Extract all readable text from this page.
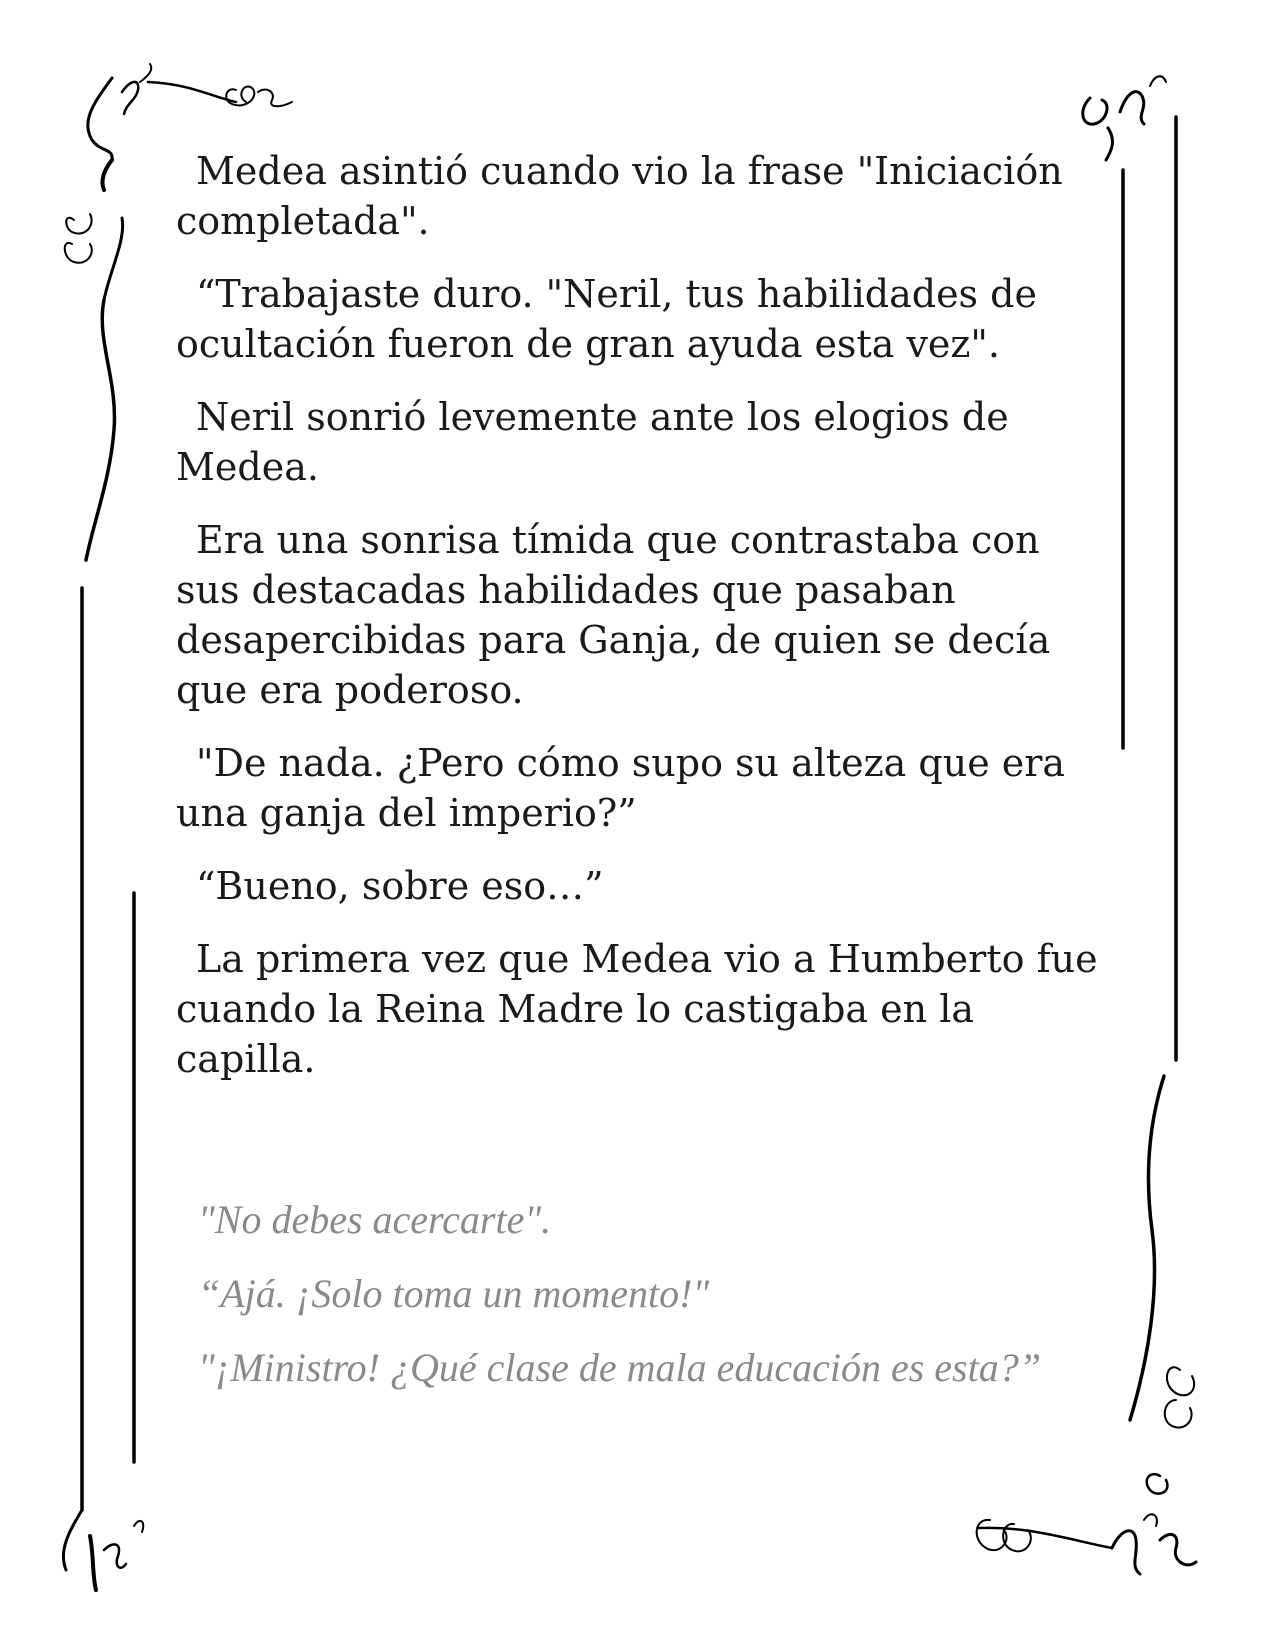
Medea asintió cuando vio la frase "Iniciación completada".

“Trabajaste duro. "Neril, tus habilidades de ocultación fueron de gran ayuda esta vez".

Neril sonrió levemente ante los elogios de Medea.

Era una sonrisa tímida que contrastaba con sus destacadas habilidades que pasaban desapercibidas para Ganja, de quien se decía que era poderoso.

"De nada. ¿Pero cómo supo su alteza que era una ganja del imperio?”

“Bueno, sobre eso…”

La primera vez que Medea vio a Humberto fue cuando la Reina Madre lo castigaba en la capilla.

"No debes acercarte".

“Ajá. ¡Solo toma un momento!"

"¡Ministro! ¿Qué clase de mala educación es esta?”
